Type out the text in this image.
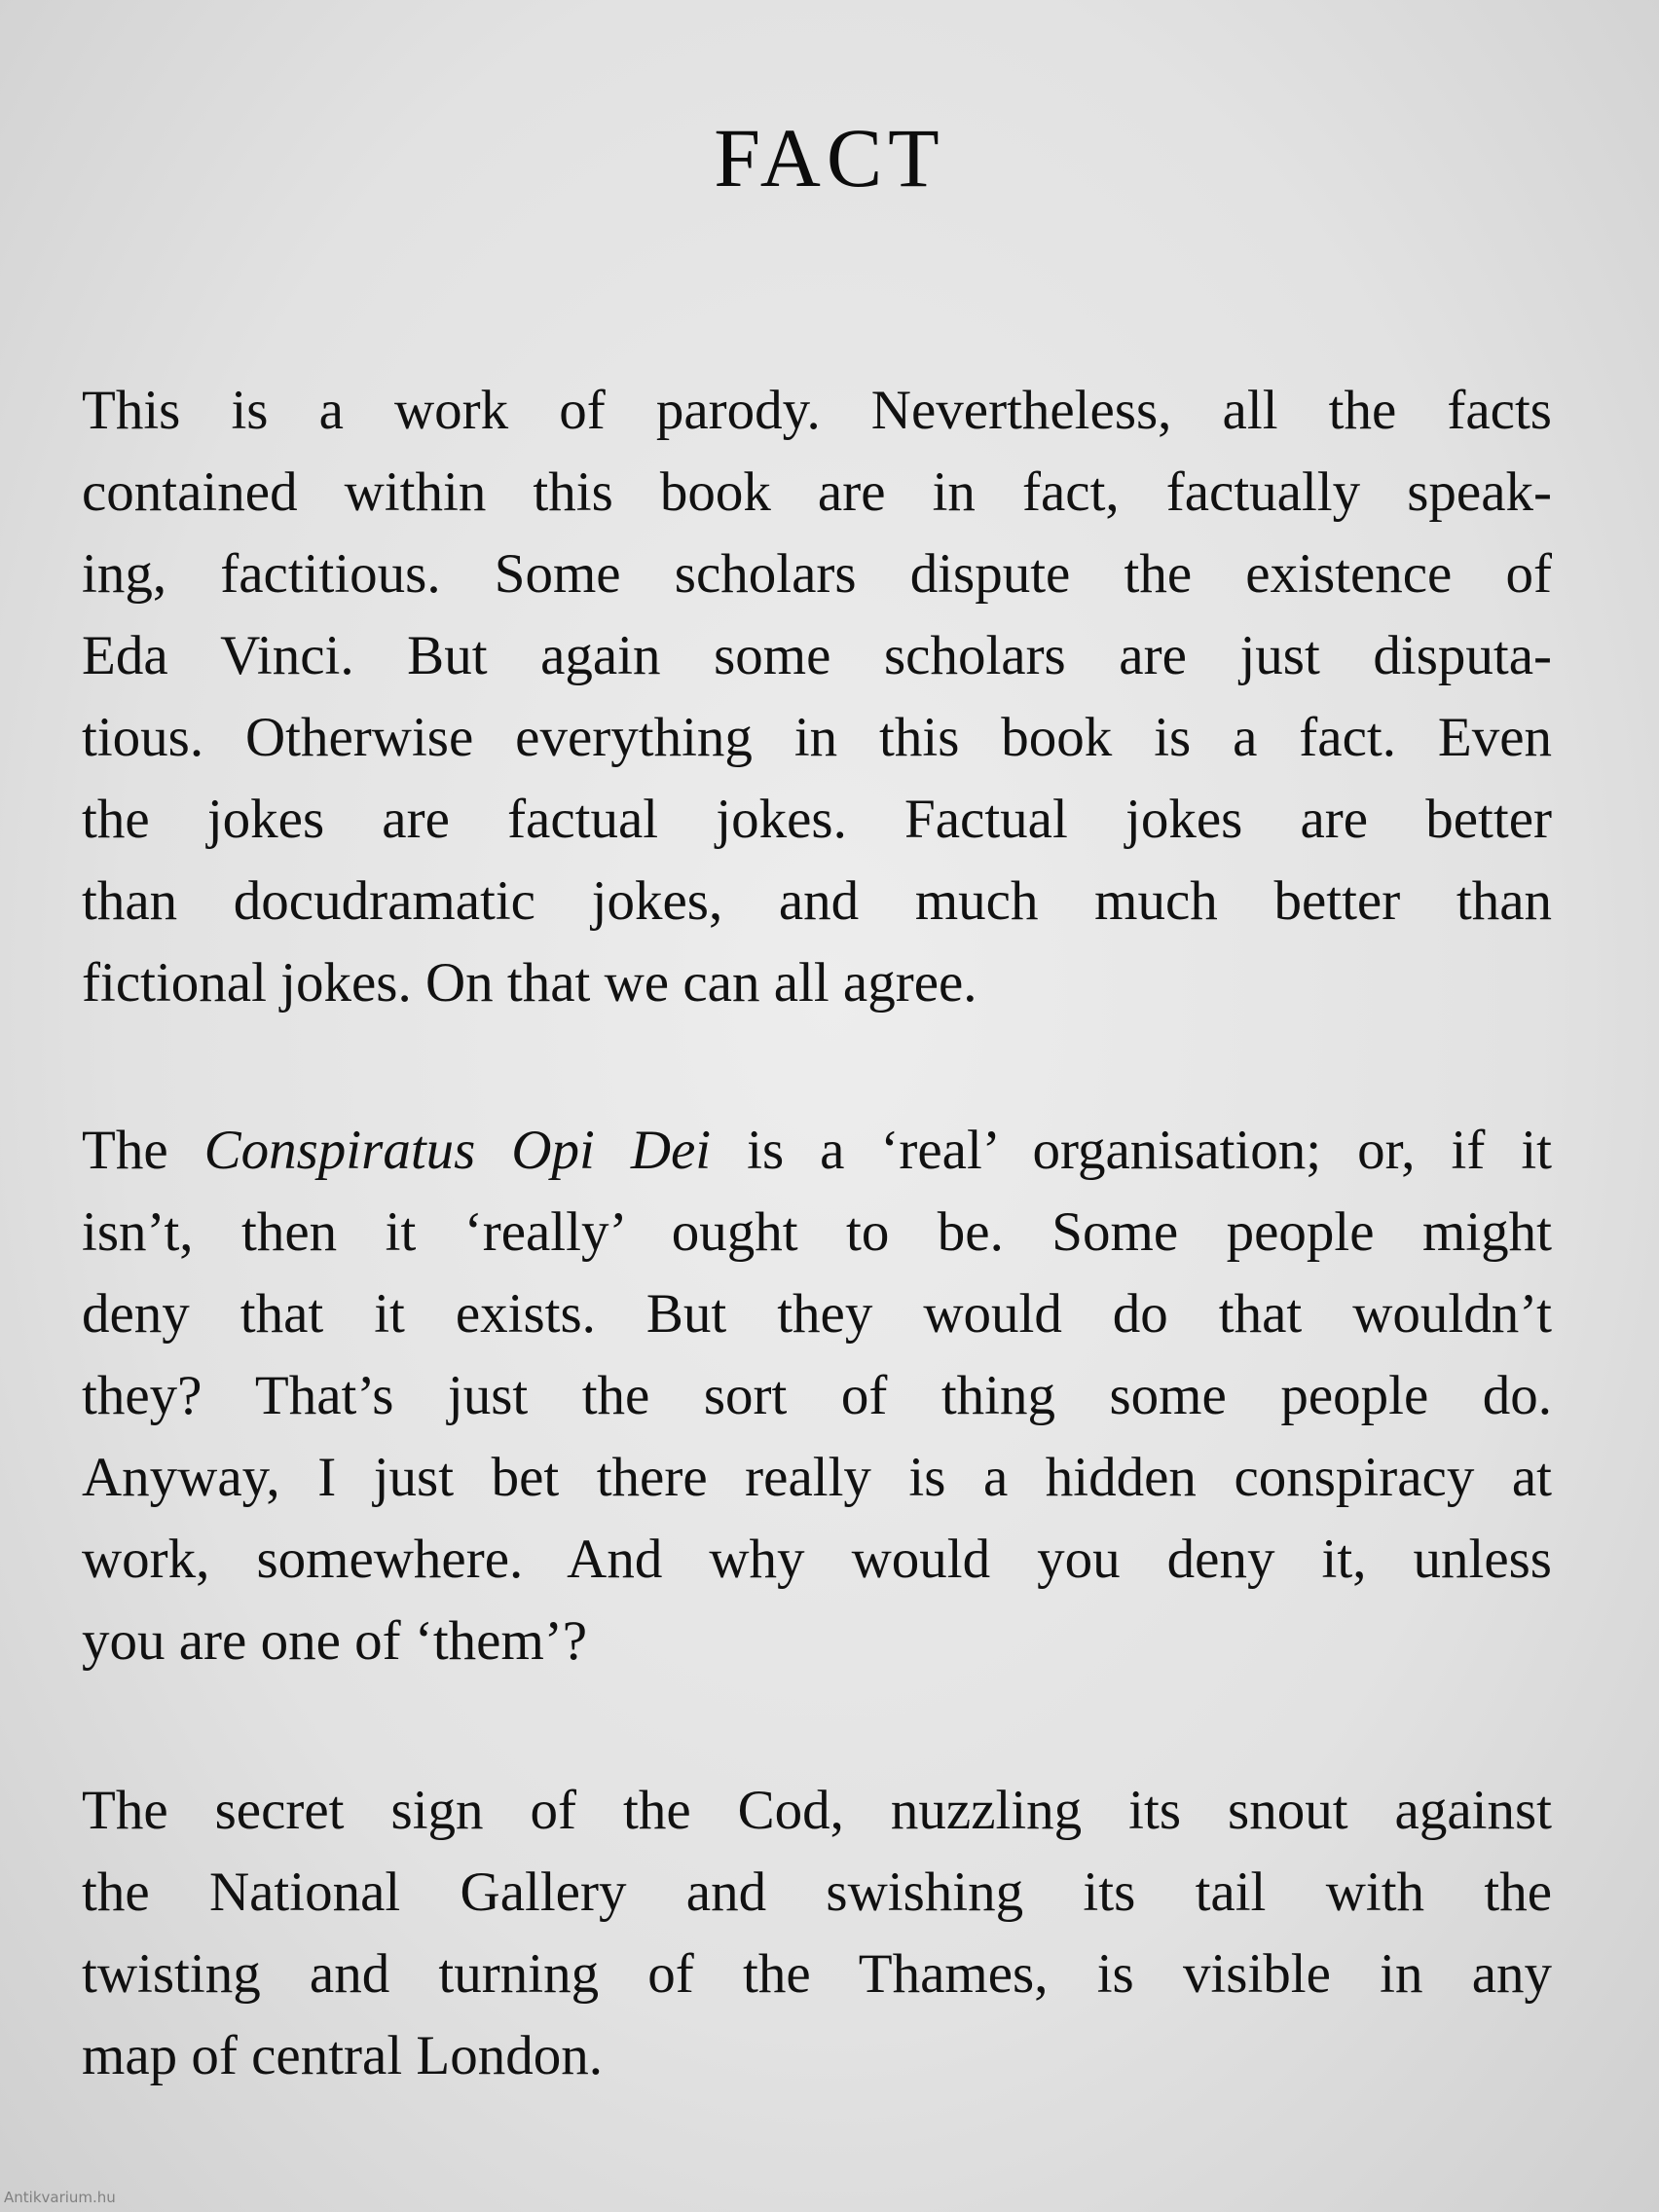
FACT
This is a work of parody. Nevertheless, all the facts
contained within this book are in fact, factually speak-
ing, factitious. Some scholars dispute the existence of
Eda Vinci. But again some scholars are just disputa-
tious. Otherwise everything in this book is a fact. Even
the jokes are factual jokes. Factual jokes are better
than docudramatic jokes, and much much better than
fictional jokes. On that we can all agree.
The Conspiratus Opi Dei is a ‘real’ organisation; or, if it
isn’t, then it ‘really’ ought to be. Some people might
deny that it exists. But they would do that wouldn’t
they? That’s just the sort of thing some people do.
Anyway, I just bet there really is a hidden conspiracy at
work, somewhere. And why would you deny it, unless
you are one of ‘them’?
The secret sign of the Cod, nuzzling its snout against
the National Gallery and swishing its tail with the
twisting and turning of the Thames, is visible in any
map of central London.
Antikvarium.hu
